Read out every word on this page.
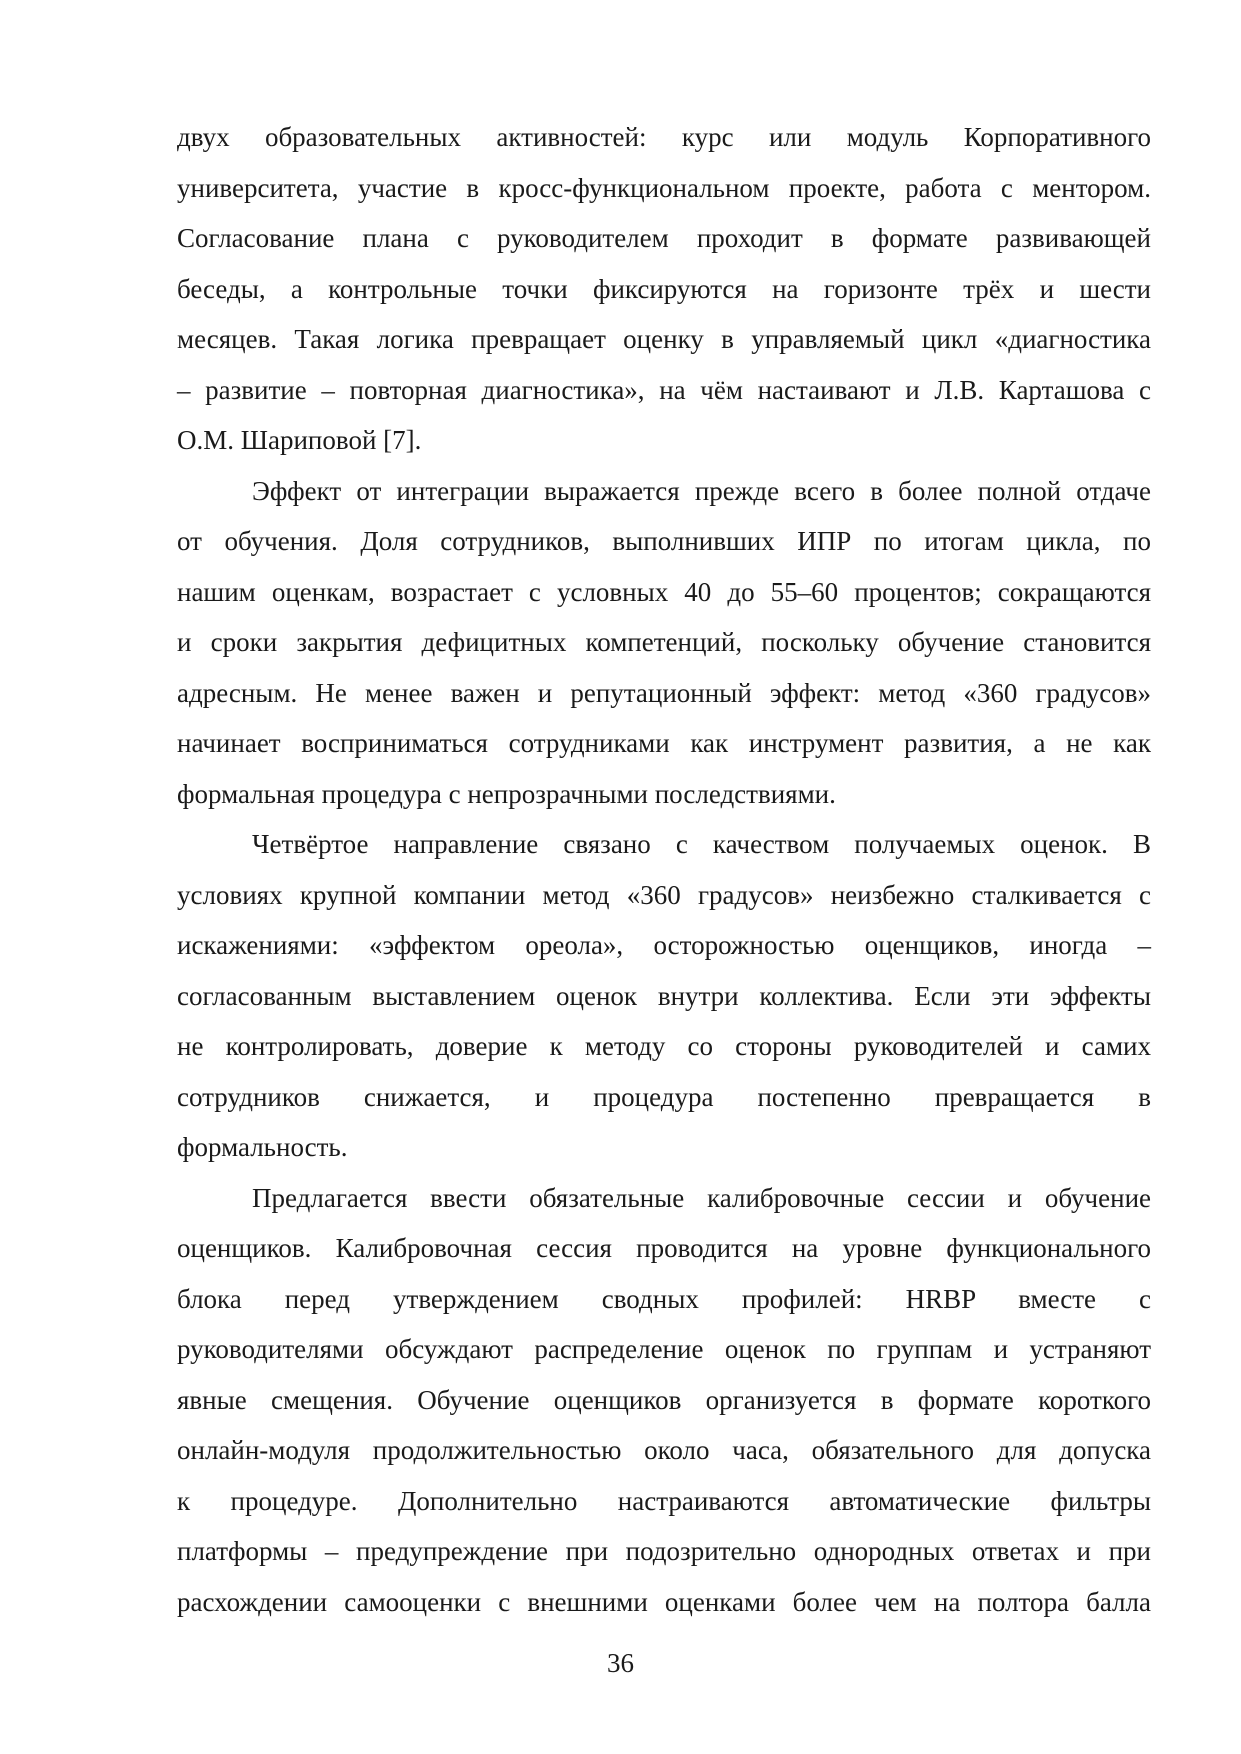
двух образовательных активностей: курс или модуль Корпоративного
университета, участие в кросс-функциональном проекте, работа с ментором.
Согласование плана с руководителем проходит в формате развивающей
беседы, а контрольные точки фиксируются на горизонте трёх и шести
месяцев. Такая логика превращает оценку в управляемый цикл «диагностика
– развитие – повторная диагностика», на чём настаивают и Л.В. Карташова с
О.М. Шариповой [7].
Эффект от интеграции выражается прежде всего в более полной отдаче
от обучения. Доля сотрудников, выполнивших ИПР по итогам цикла, по
нашим оценкам, возрастает с условных 40 до 55–60 процентов; сокращаются
и сроки закрытия дефицитных компетенций, поскольку обучение становится
адресным. Не менее важен и репутационный эффект: метод «360 градусов»
начинает восприниматься сотрудниками как инструмент развития, а не как
формальная процедура с непрозрачными последствиями.
Четвёртое направление связано с качеством получаемых оценок. В
условиях крупной компании метод «360 градусов» неизбежно сталкивается с
искажениями: «эффектом ореола», осторожностью оценщиков, иногда –
согласованным выставлением оценок внутри коллектива. Если эти эффекты
не контролировать, доверие к методу со стороны руководителей и самих
сотрудников снижается, и процедура постепенно превращается в
формальность.
Предлагается ввести обязательные калибровочные сессии и обучение
оценщиков. Калибровочная сессия проводится на уровне функционального
блока перед утверждением сводных профилей: HRBP вместе с
руководителями обсуждают распределение оценок по группам и устраняют
явные смещения. Обучение оценщиков организуется в формате короткого
онлайн-модуля продолжительностью около часа, обязательного для допуска
к процедуре. Дополнительно настраиваются автоматические фильтры
платформы – предупреждение при подозрительно однородных ответах и при
расхождении самооценки с внешними оценками более чем на полтора балла
36
